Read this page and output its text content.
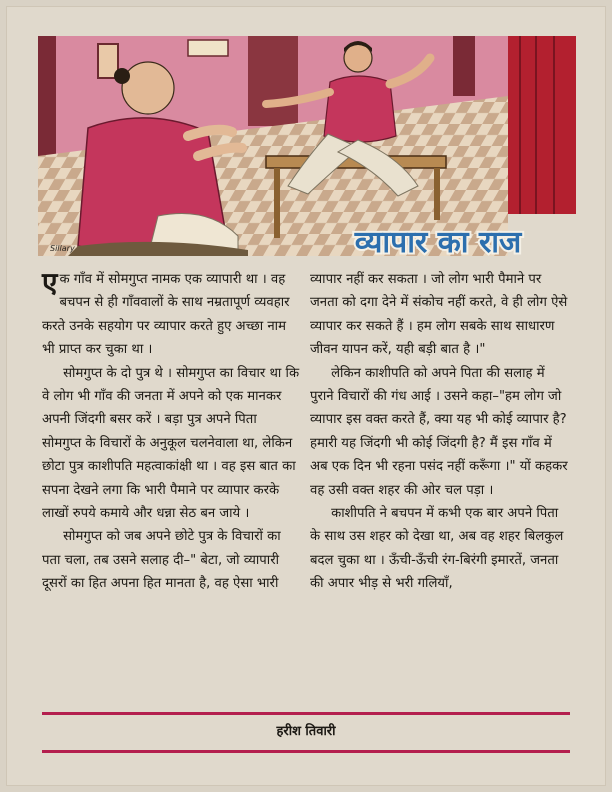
Sillary	व्यापार का राज

एक गाँव में सोमगुप्त नामक एक व्यापारी था । वह बचपन से ही गाँववालों के साथ नम्रतापूर्ण व्यवहार करते उनके सहयोग पर व्यापार करते हुए अच्छा नाम भी प्राप्त कर चुका था ।

सोमगुप्त के दो पुत्र थे । सोमगुप्त का विचार था कि वे लोग भी गाँव की जनता में अपने को एक मानकर अपनी जिंदगी बसर करें । बड़ा पुत्र अपने पिता सोमगुप्त के विचारों के अनुकूल चलनेवाला था, लेकिन छोटा पुत्र काशीपति महत्वाकांक्षी था । वह इस बात का सपना देखने लगा कि भारी पैमाने पर व्यापार करके लाखों रुपये कमाये और धन्ना सेठ बन जाये ।

सोमगुप्त को जब अपने छोटे पुत्र के विचारों का पता चला, तब उसने सलाह दी–" बेटा, जो व्यापारी दूसरों का हित अपना हित मानता है, वह ऐसा भारी

व्यापार नहीं कर सकता । जो लोग भारी पैमाने पर जनता को दगा देने में संकोच नहीं करते, वे ही लोग ऐसे व्यापार कर सकते हैं । हम लोग सबके साथ साधारण जीवन यापन करें, यही बड़ी बात है ।"

लेकिन काशीपति को अपने पिता की सलाह में पुराने विचारों की गंध आई । उसने कहा–"हम लोग जो व्यापार इस वक्त करते हैं, क्या यह भी कोई व्यापार है? हमारी यह जिंदगी भी कोई जिंदगी है? मैं इस गाँव में अब एक दिन भी रहना पसंद नहीं करूँगा ।" यों कहकर वह उसी वक्त शहर की ओर चल पड़ा ।

काशीपति ने बचपन में कभी एक बार अपने पिता के साथ उस शहर को देखा था, अब वह शहर बिलकुल बदल चुका था । ऊँची-ऊँची रंग-बिरंगी इमारतें, जनता की अपार भीड़ से भरी गलियाँ,

हरीश तिवारी
